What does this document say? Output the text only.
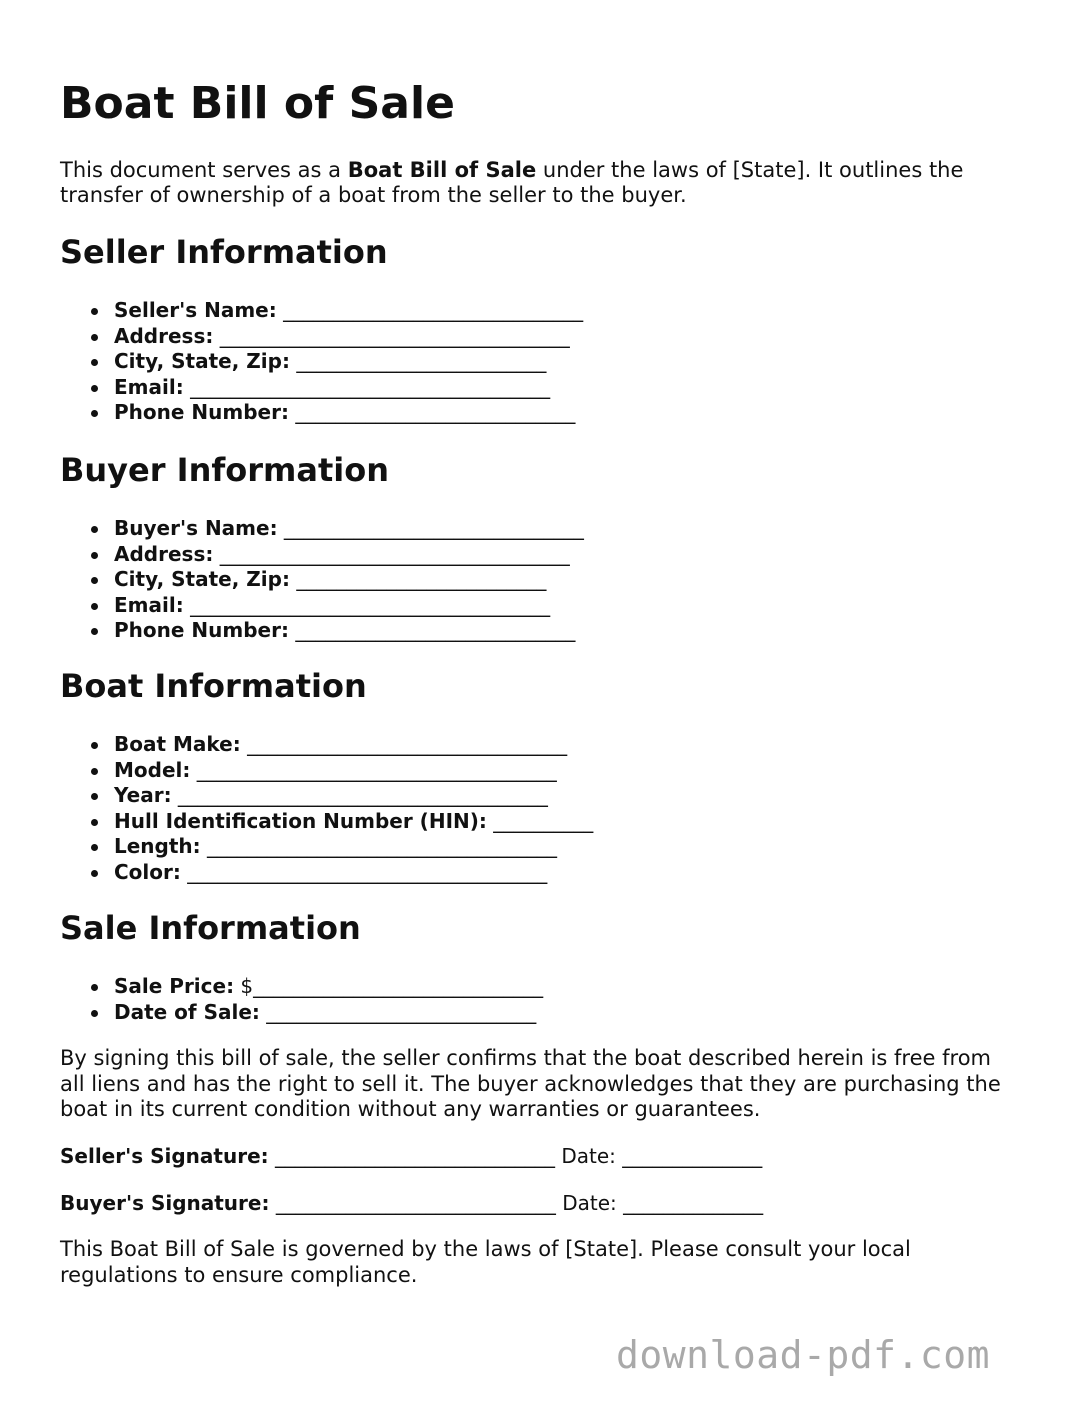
Boat Bill of Sale

This document serves as a Boat Bill of Sale under the laws of [State]. It outlines the transfer of ownership of a boat from the seller to the buyer.

Seller Information
Seller's Name: ______________________________
Address: ___________________________________
City, State, Zip: _________________________
Email: ____________________________________
Phone Number: ____________________________
Buyer Information
Buyer's Name: ______________________________
Address: ___________________________________
City, State, Zip: _________________________
Email: ____________________________________
Phone Number: ____________________________
Boat Information
Boat Make: ________________________________
Model: ____________________________________
Year: _____________________________________
Hull Identification Number (HIN): __________
Length: ___________________________________
Color: ____________________________________
Sale Information
Sale Price: $_____________________________
Date of Sale: ___________________________

By signing this bill of sale, the seller confirms that the boat described herein is free from all liens and has the right to sell it. The buyer acknowledges that they are purchasing the boat in its current condition without any warranties or guarantees.

Seller's Signature: ____________________________ Date: ______________

Buyer's Signature: ____________________________ Date: ______________

This Boat Bill of Sale is governed by the laws of [State]. Please consult your local regulations to ensure compliance.

download-pdf.com
